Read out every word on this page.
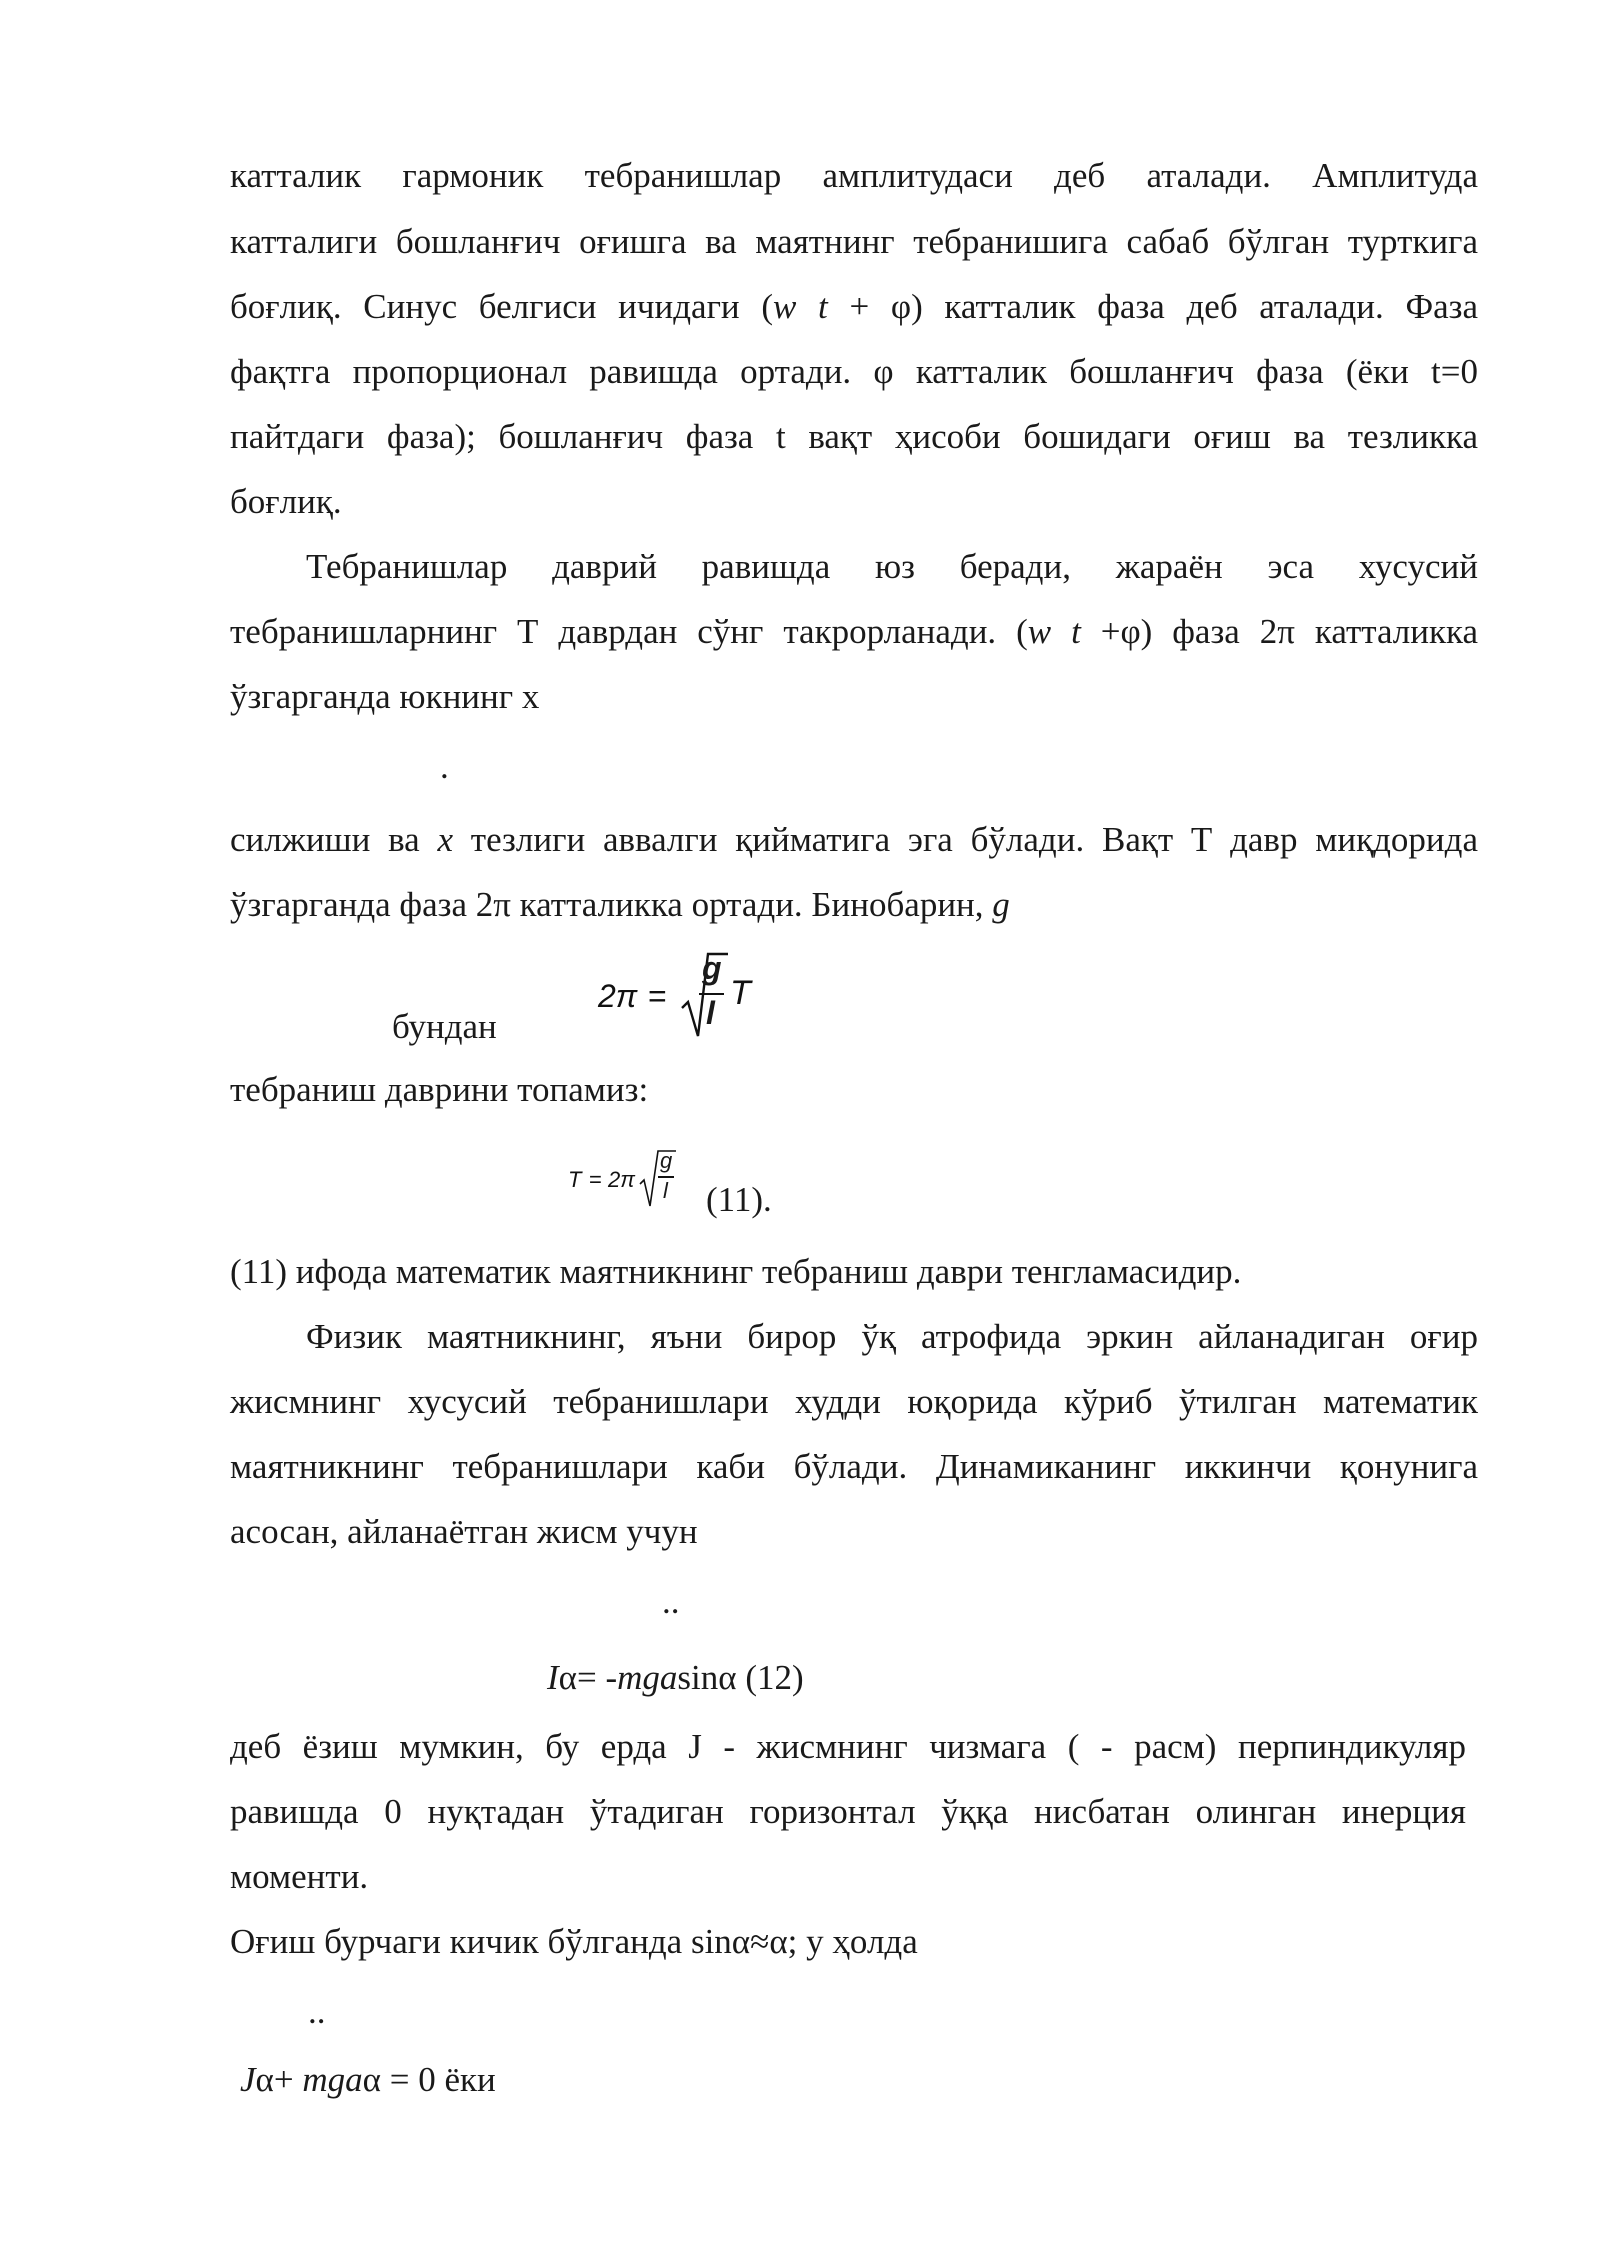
катталик гармоник тебранишлар амплитудаси деб аталади. Амплитуда
катталиги бошланғич оғишга ва маятнинг тебранишига сабаб бўлган турткига
боғлиқ. Синус белгиси ичидаги (w t + φ) катталик фаза деб аталади. Фаза
фақтга пропорционал равишда ортади. φ катталик бошланғич фаза (ёки t=0
пайтдаги фаза); бошланғич фаза t вақт ҳисоби бошидаги оғиш ва тезликка
боғлиқ.
Тебранишлар даврий равишда юз беради, жараён эса хусусий
тебранишларнинг Т даврдан сўнг такрорланади. (w t +φ) фаза 2π катталикка
ўзгарганда юкнинг х
.
силжиши ва x тезлиги аввалги қийматига эга бўлади. Вақт Т давр миқдорида
ўзгарганда фаза 2π катталикка ортади. Бинобарин, g
бундан
2π =
g
l
T
тебраниш даврини топамиз:
T = 2π
g
l (11).
(11) ифода математик маятникнинг тебраниш даври тенгламасидир.
Физик маятникнинг, яъни бирор ўқ атрофида эркин айланадиган оғир
жисмнинг хусусий тебранишлари худди юқорида кўриб ўтилган математик
маятникнинг тебранишлари каби бўлади. Динамиканинг иккинчи қонунига
асосан, айланаётган жисм учун
..
Iα= -mgasinα (12)
деб ёзиш мумкин, бу ерда J - жисмнинг чизмага ( - расм) перпиндикуляр
равишда 0 нуқтадан ўтадиган горизонтал ўққа нисбатан олинган инерция
моменти.
Оғиш бурчаги кичик бўлганда sinα≈α; у ҳолда
..
Jα+ mgaα = 0 ёки
